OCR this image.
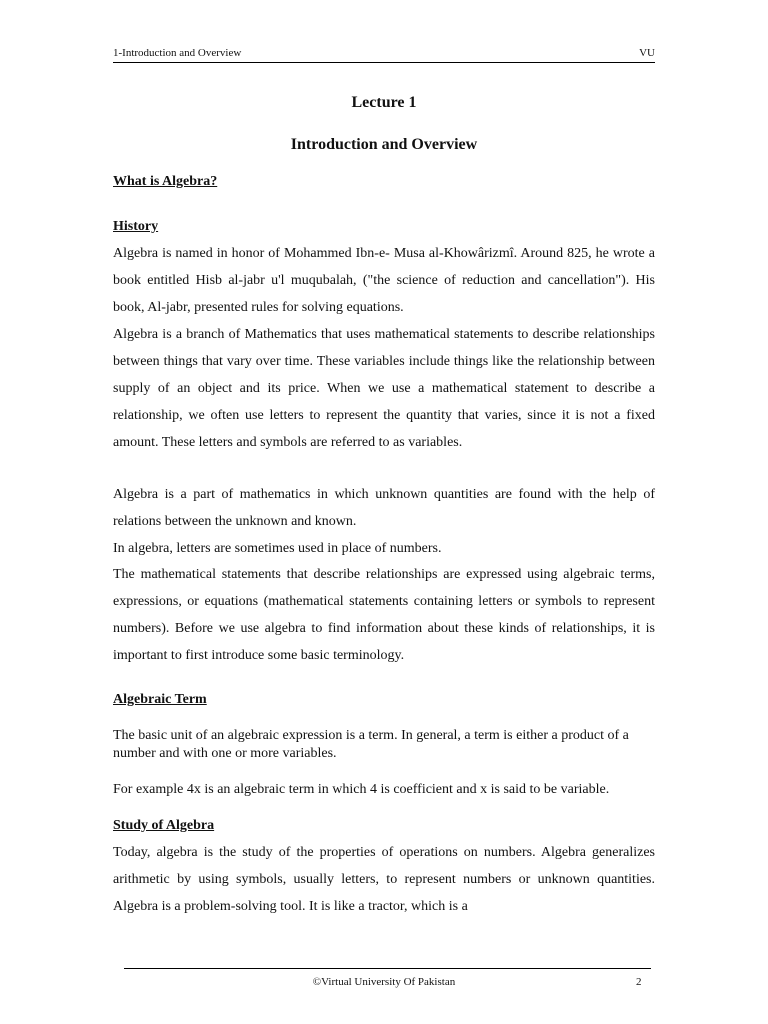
1-Introduction and Overview	VU
Lecture 1
Introduction and Overview
What is Algebra?
History

Algebra is named in honor of Mohammed Ibn-e- Musa al-Khowârizmî. Around 825, he wrote a book entitled Hisb al-jabr u'l muqubalah, ("the science of reduction and cancellation"). His book, Al-jabr, presented rules for solving equations.

Algebra is a branch of Mathematics that uses mathematical statements to describe relationships between things that vary over time. These variables include things like the relationship between supply of an object and its price. When we use a mathematical statement to describe a relationship, we often use letters to represent the quantity that varies, since it is not a fixed amount. These letters and symbols are referred to as variables.

Algebra is a part of mathematics in which unknown quantities are found with the help of relations between the unknown and known.

In algebra, letters are sometimes used in place of numbers.

The mathematical statements that describe relationships are expressed using algebraic terms, expressions, or equations (mathematical statements containing letters or symbols to represent numbers). Before we use algebra to find information about these kinds of relationships, it is important to first introduce some basic terminology.

Algebraic Term

The basic unit of an algebraic expression is a term. In general, a term is either a product of a number and with one or more variables.

For example 4x is an algebraic term in which 4 is coefficient and x is said to be variable.

Study of Algebra

Today, algebra is the study of the properties of operations on numbers. Algebra generalizes arithmetic by using symbols, usually letters, to represent numbers or unknown quantities. Algebra is a problem-solving tool. It is like a tractor, which is a

©Virtual University Of Pakistan	2
